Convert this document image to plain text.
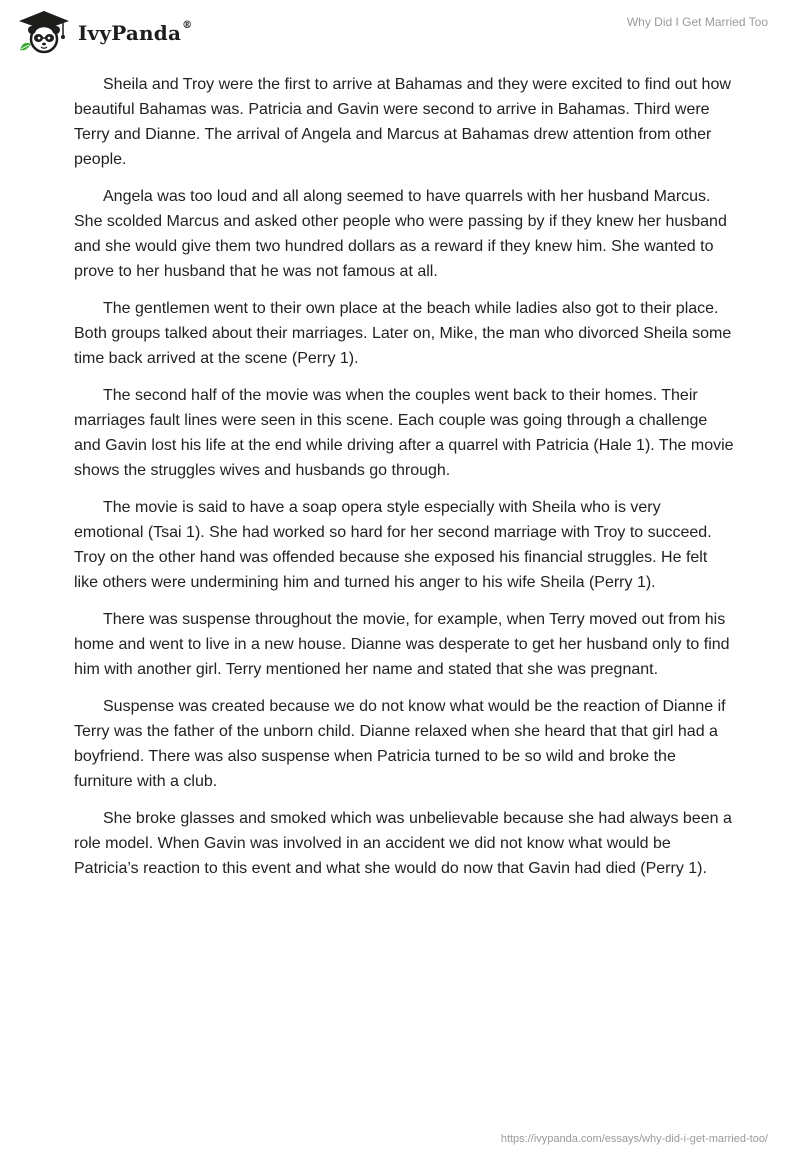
IvyPanda®	Why Did I Get Married Too

Sheila and Troy were the first to arrive at Bahamas and they were excited to find out how beautiful Bahamas was. Patricia and Gavin were second to arrive in Bahamas. Third were Terry and Dianne. The arrival of Angela and Marcus at Bahamas drew attention from other people.

Angela was too loud and all along seemed to have quarrels with her husband Marcus. She scolded Marcus and asked other people who were passing by if they knew her husband and she would give them two hundred dollars as a reward if they knew him. She wanted to prove to her husband that he was not famous at all.

The gentlemen went to their own place at the beach while ladies also got to their place. Both groups talked about their marriages. Later on, Mike, the man who divorced Sheila some time back arrived at the scene (Perry 1).

The second half of the movie was when the couples went back to their homes. Their marriages fault lines were seen in this scene. Each couple was going through a challenge and Gavin lost his life at the end while driving after a quarrel with Patricia (Hale 1). The movie shows the struggles wives and husbands go through.

The movie is said to have a soap opera style especially with Sheila who is very emotional (Tsai 1). She had worked so hard for her second marriage with Troy to succeed. Troy on the other hand was offended because she exposed his financial struggles. He felt like others were undermining him and turned his anger to his wife Sheila (Perry 1).

There was suspense throughout the movie, for example, when Terry moved out from his home and went to live in a new house. Dianne was desperate to get her husband only to find him with another girl. Terry mentioned her name and stated that she was pregnant.

Suspense was created because we do not know what would be the reaction of Dianne if Terry was the father of the unborn child. Dianne relaxed when she heard that that girl had a boyfriend. There was also suspense when Patricia turned to be so wild and broke the furniture with a club.

She broke glasses and smoked which was unbelievable because she had always been a role model. When Gavin was involved in an accident we did not know what would be Patricia’s reaction to this event and what she would do now that Gavin had died (Perry 1).

https://ivypanda.com/essays/why-did-i-get-married-too/
